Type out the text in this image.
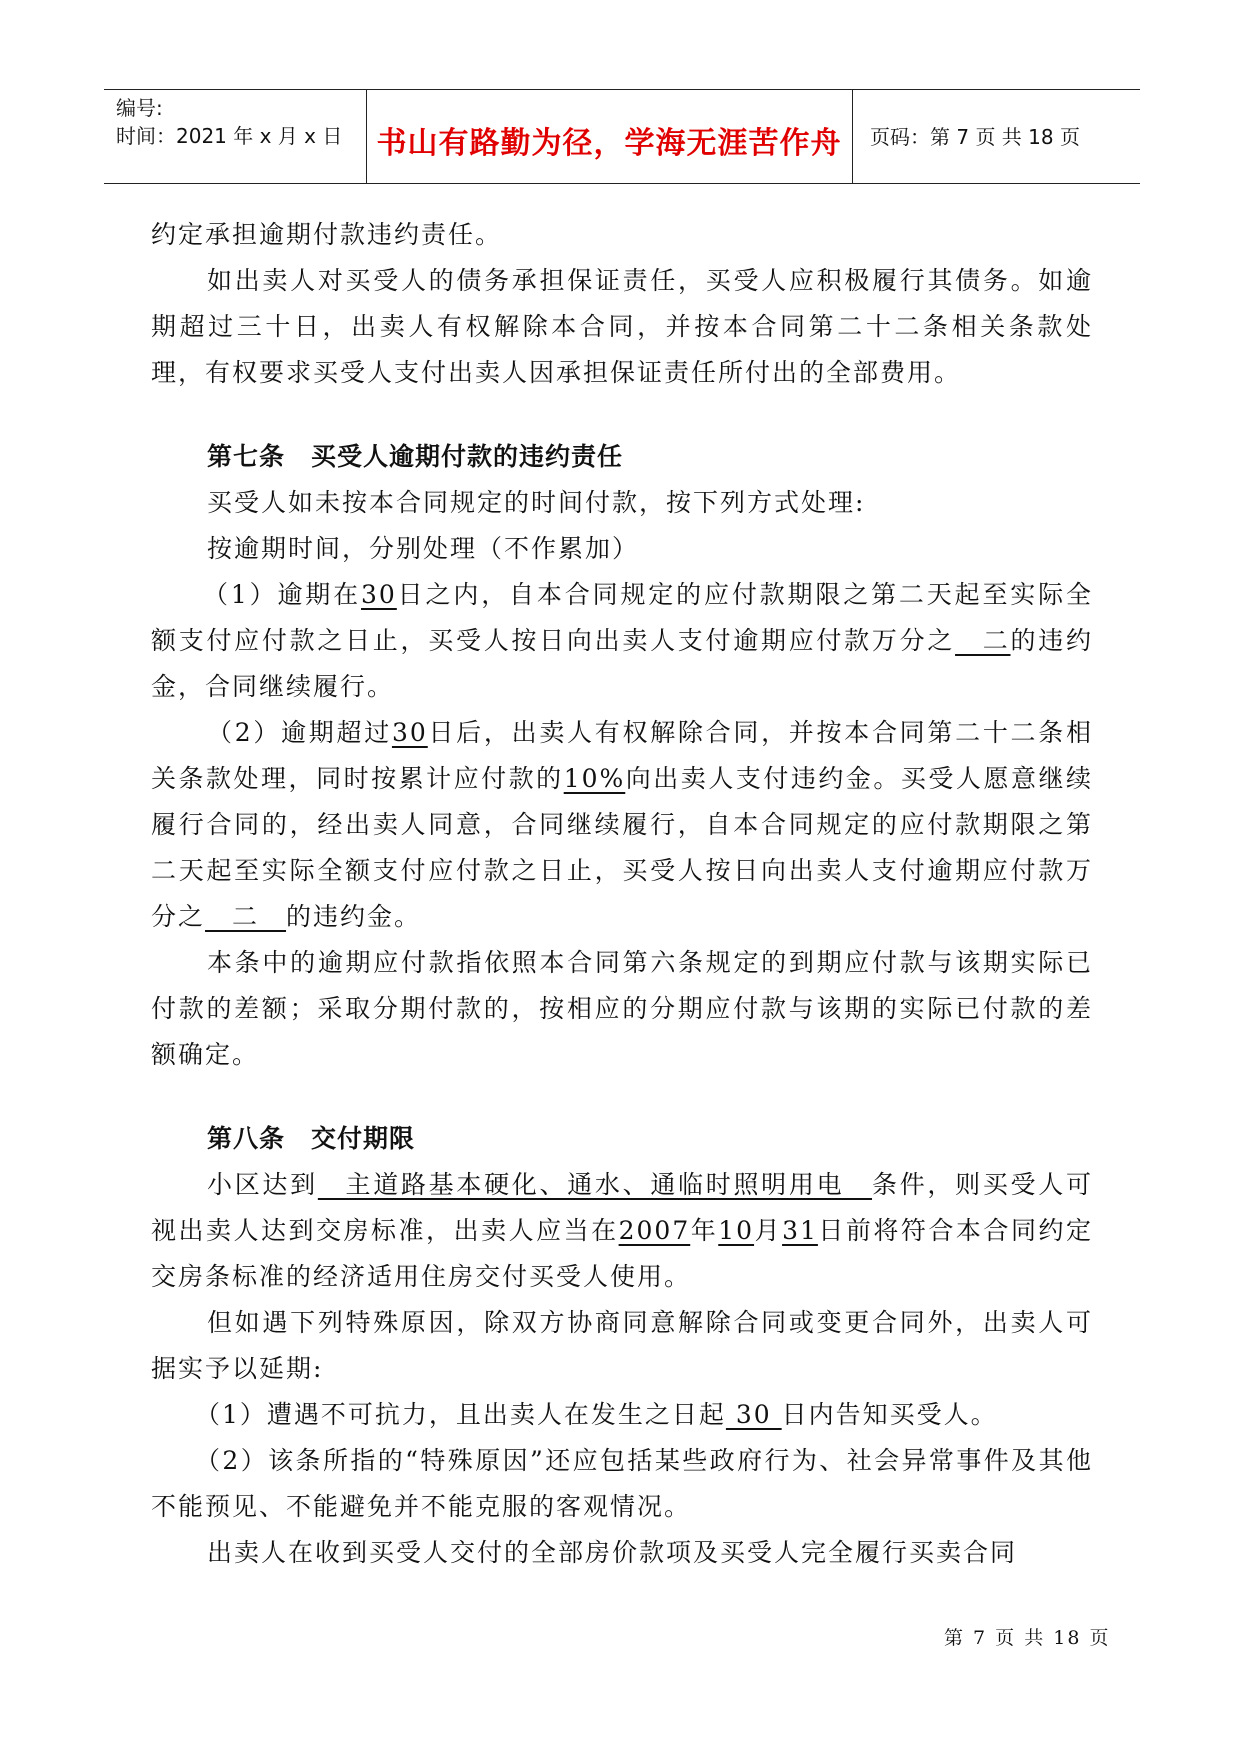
编号:
时间：2021 年 x 月 x 日	书山有路勤为径，学海无涯苦作舟	页码：第 7 页 共 18 页

约定承担逾期付款违约责任。

如出卖人对买受人的债务承担保证责任，买受人应积极履行其债务。如逾期超过三十日，出卖人有权解除本合同，并按本合同第二十二条相关条款处理，有权要求买受人支付出卖人因承担保证责任所付出的全部费用。

第七条　买受人逾期付款的违约责任

买受人如未按本合同规定的时间付款，按下列方式处理:

按逾期时间，分别处理（不作累加）

（1）逾期在30日之内，自本合同规定的应付款期限之第二天起至实际全额支付应付款之日止，买受人按日向出卖人支付逾期应付款万分之　二的违约金，合同继续履行。

（2）逾期超过30日后，出卖人有权解除合同，并按本合同第二十二条相关条款处理，同时按累计应付款的10%向出卖人支付违约金。买受人愿意继续履行合同的，经出卖人同意，合同继续履行，自本合同规定的应付款期限之第二天起至实际全额支付应付款之日止，买受人按日向出卖人支付逾期应付款万分之　二　的违约金。

本条中的逾期应付款指依照本合同第六条规定的到期应付款与该期实际已付款的差额；采取分期付款的，按相应的分期应付款与该期的实际已付款的差额确定。

第八条　交付期限

小区达到　主道路基本硬化、通水、通临时照明用电　条件，则买受人可视出卖人达到交房标准，出卖人应当在2007年10月31日前将符合本合同约定交房条标准的经济适用住房交付买受人使用。

但如遇下列特殊原因，除双方协商同意解除合同或变更合同外，出卖人可据实予以延期:

（1）遭遇不可抗力，且出卖人在发生之日起 30 日内告知买受人。

（2）该条所指的“特殊原因”还应包括某些政府行为、社会异常事件及其他不能预见、不能避免并不能克服的客观情况。

出卖人在收到买受人交付的全部房价款项及买受人完全履行买卖合同

第 7 页 共 18 页
